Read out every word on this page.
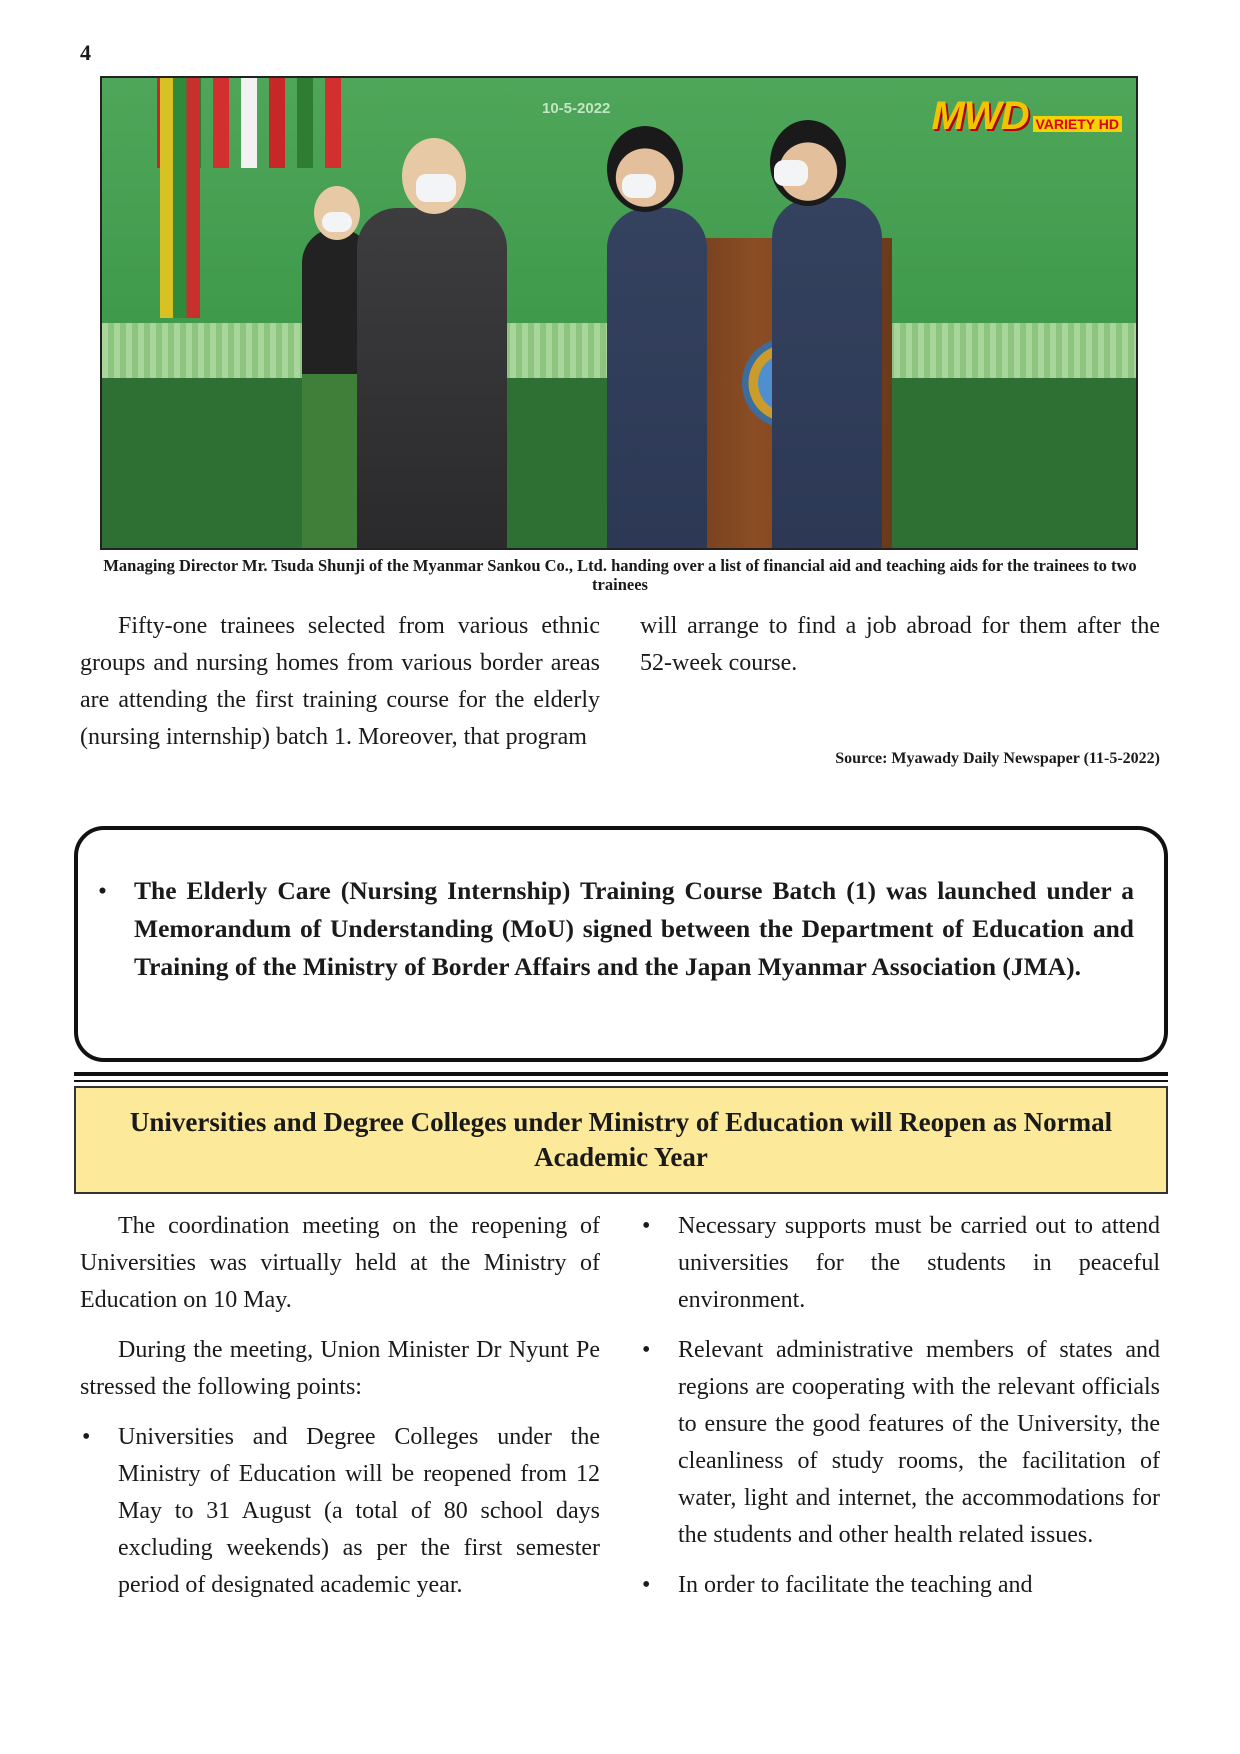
4
10-5-2022	MWD VARIETY HD
Managing Director Mr. Tsuda Shunji of the Myanmar Sankou Co., Ltd. handing over a list of financial aid and teaching aids for the trainees to two trainees

Fifty-one trainees selected from various ethnic groups and nursing homes from various border areas are attending the first training course for the elderly (nursing internship) batch 1. Moreover, that program

will arrange to find a job abroad for them after the 52-week course.

Source: Myawady Daily Newspaper (11-5-2022)
• The Elderly Care (Nursing Internship) Training Course Batch (1) was launched under a Memorandum of Understanding (MoU) signed between the Department of Education and Training of the Ministry of Border Affairs and the Japan Myanmar Association (JMA).
Universities and Degree Colleges under Ministry of Education will Reopen as Normal Academic Year

The coordination meeting on the reopening of Universities was virtually held at the Ministry of Education on 10 May.

During the meeting, Union Minister Dr Nyunt Pe stressed the following points:

• Universities and Degree Colleges under the Ministry of Education will be reopened from 12 May to 31 August (a total of 80 school days excluding weekends) as per the first semester period of designated academic year.
• Necessary supports must be carried out to attend universities for the students in peaceful environment.
• Relevant administrative members of states and regions are cooperating with the relevant officials to ensure the good features of the University, the cleanliness of study rooms, the facilitation of water, light and internet, the accommodations for the students and other health related issues.
• In order to facilitate the teaching and
